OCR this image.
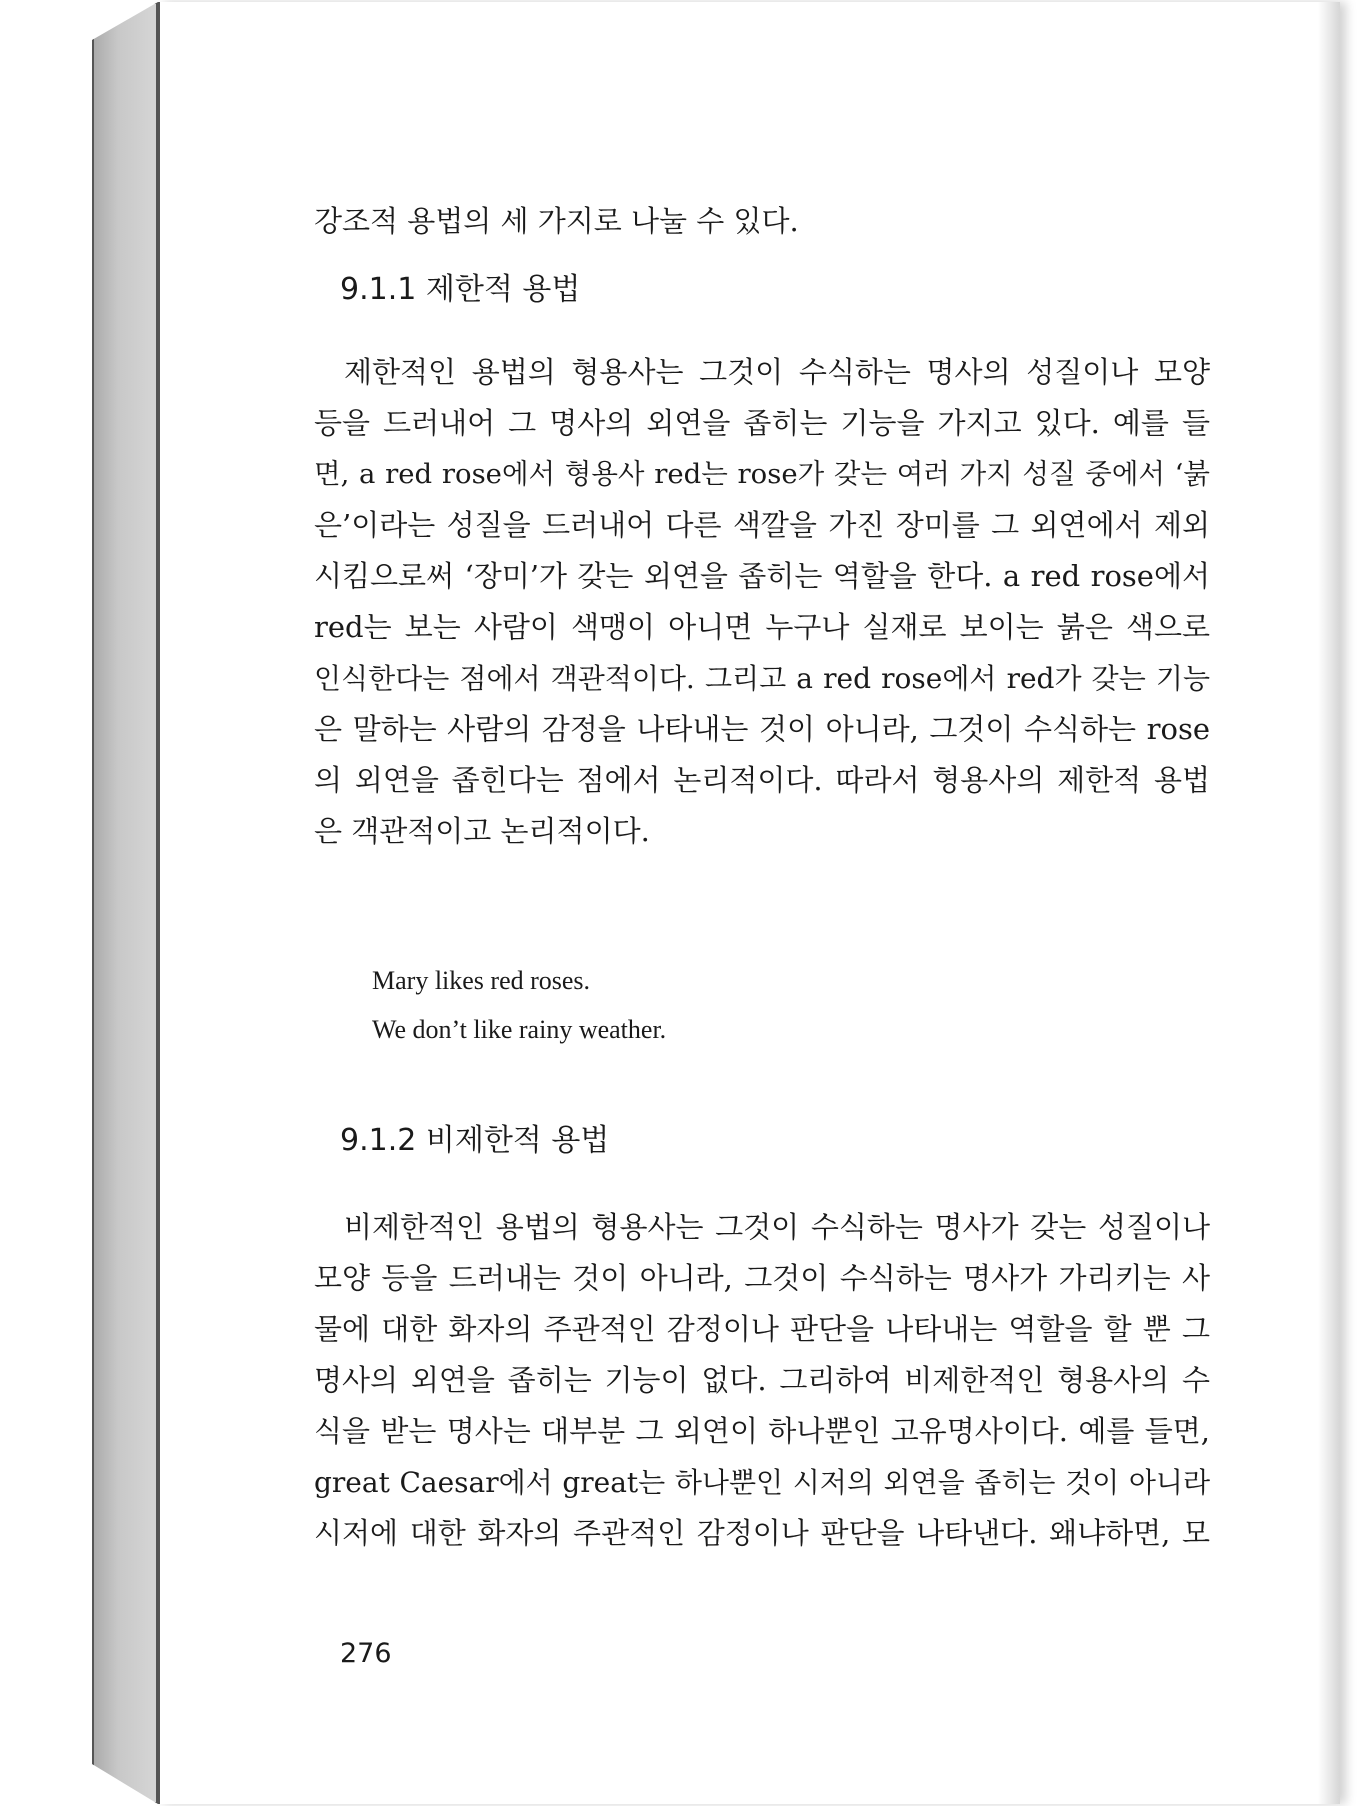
강조적 용법의 세 가지로 나눌 수 있다.
9.1.1 제한적 용법
제한적인 용법의 형용사는 그것이 수식하는 명사의 성질이나 모양
등을 드러내어 그 명사의 외연을 좁히는 기능을 가지고 있다. 예를 들
면, a red rose에서 형용사 red는 rose가 갖는 여러 가지 성질 중에서 ‘붉
은’이라는 성질을 드러내어 다른 색깔을 가진 장미를 그 외연에서 제외
시킴으로써 ‘장미’가 갖는 외연을 좁히는 역할을 한다. a red rose에서
red는 보는 사람이 색맹이 아니면 누구나 실재로 보이는 붉은 색으로
인식한다는 점에서 객관적이다. 그리고 a red rose에서 red가 갖는 기능
은 말하는 사람의 감정을 나타내는 것이 아니라, 그것이 수식하는 rose
의 외연을 좁힌다는 점에서 논리적이다. 따라서 형용사의 제한적 용법
은 객관적이고 논리적이다.
Mary likes red roses.
We don’t like rainy weather.
9.1.2 비제한적 용법
비제한적인 용법의 형용사는 그것이 수식하는 명사가 갖는 성질이나
모양 등을 드러내는 것이 아니라, 그것이 수식하는 명사가 가리키는 사
물에 대한 화자의 주관적인 감정이나 판단을 나타내는 역할을 할 뿐 그
명사의 외연을 좁히는 기능이 없다. 그리하여 비제한적인 형용사의 수
식을 받는 명사는 대부분 그 외연이 하나뿐인 고유명사이다. 예를 들면,
great Caesar에서 great는 하나뿐인 시저의 외연을 좁히는 것이 아니라
시저에 대한 화자의 주관적인 감정이나 판단을 나타낸다. 왜냐하면, 모
276
